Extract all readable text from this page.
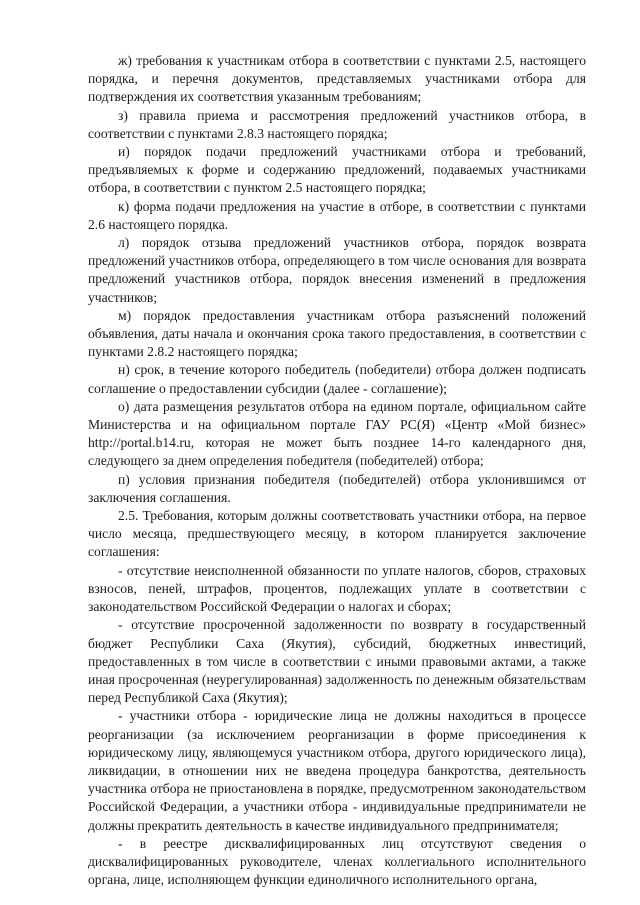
ж) требования к участникам отбора в соответствии с пунктами 2.5, настоящего порядка, и перечня документов, представляемых участниками отбора для подтверждения их соответствия указанным требованиям;

з) правила приема и рассмотрения предложений участников отбора, в соответствии с пунктами 2.8.3 настоящего порядка;

и) порядок подачи предложений участниками отбора и требований, предъявляемых к форме и содержанию предложений, подаваемых участниками отбора, в соответствии с пунктом 2.5 настоящего порядка;

к) форма подачи предложения на участие в отборе, в соответствии с пунктами 2.6 настоящего порядка.

л) порядок отзыва предложений участников отбора, порядок возврата предложений участников отбора, определяющего в том числе основания для возврата предложений участников отбора, порядок внесения изменений в предложения участников;

м) порядок предоставления участникам отбора разъяснений положений объявления, даты начала и окончания срока такого предоставления, в соответствии с пунктами 2.8.2 настоящего порядка;

н) срок, в течение которого победитель (победители) отбора должен подписать соглашение о предоставлении субсидии (далее - соглашение);

о) дата размещения результатов отбора на едином портале, официальном сайте Министерства и на официальном портале ГАУ РС(Я) «Центр «Мой бизнес» http://portal.b14.ru, которая не может быть позднее 14-го календарного дня, следующего за днем определения победителя (победителей) отбора;

п) условия признания победителя (победителей) отбора уклонившимся от заключения соглашения.

2.5. Требования, которым должны соответствовать участники отбора, на первое число месяца, предшествующего месяцу, в котором планируется заключение соглашения:

- отсутствие неисполненной обязанности по уплате налогов, сборов, страховых взносов, пеней, штрафов, процентов, подлежащих уплате в соответствии с законодательством Российской Федерации о налогах и сборах;

- отсутствие просроченной задолженности по возврату в государственный бюджет Республики Саха (Якутия), субсидий, бюджетных инвестиций, предоставленных в том числе в соответствии с иными правовыми актами, а также иная просроченная (неурегулированная) задолженность по денежным обязательствам перед Республикой Саха (Якутия);

- участники отбора - юридические лица не должны находиться в процессе реорганизации (за исключением реорганизации в форме присоединения к юридическому лицу, являющемуся участником отбора, другого юридического лица), ликвидации, в отношении них не введена процедура банкротства, деятельность участника отбора не приостановлена в порядке, предусмотренном законодательством Российской Федерации, а участники отбора - индивидуальные предприниматели не должны прекратить деятельность в качестве индивидуального предпринимателя;

- в реестре дисквалифицированных лиц отсутствуют сведения о дисквалифицированных руководителе, членах коллегиального исполнительного органа, лице, исполняющем функции единоличного исполнительного органа,
